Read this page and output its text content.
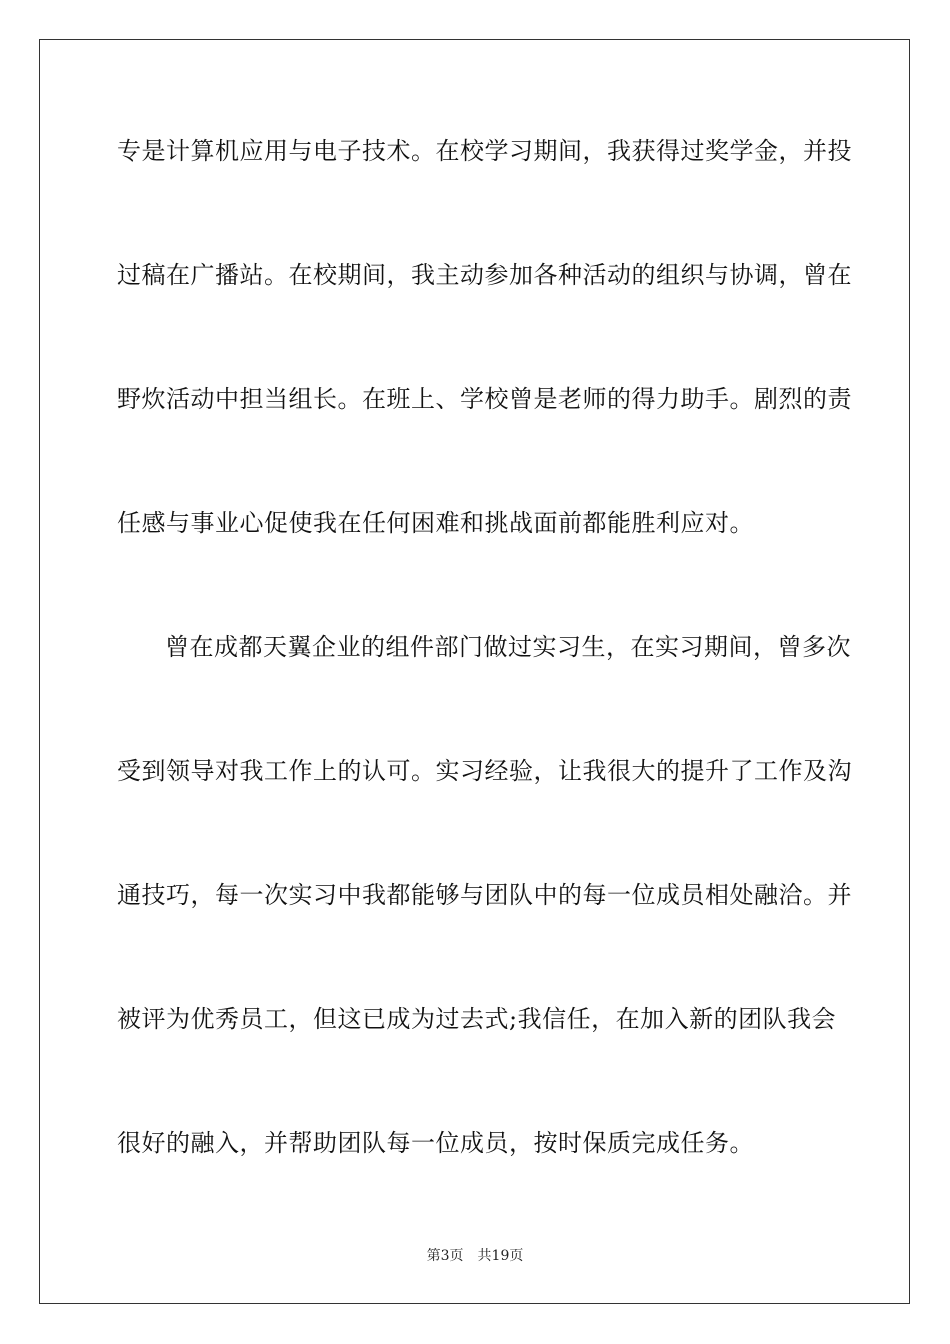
专是计算机应用与电子技术。在校学习期间，我获得过奖学金，并投
过稿在广播站。在校期间，我主动参加各种活动的组织与协调，曾在
野炊活动中担当组长。在班上、学校曾是老师的得力助手。剧烈的责
任感与事业心促使我在任何困难和挑战面前都能胜利应对。
曾在成都天翼企业的组件部门做过实习生，在实习期间，曾多次
受到领导对我工作上的认可。实习经验，让我很大的提升了工作及沟
通技巧，每一次实习中我都能够与团队中的每一位成员相处融洽。并
被评为优秀员工，但这已成为过去式;我信任，在加入新的团队我会
很好的融入，并帮助团队每一位成员，按时保质完成任务。
第3页 共19页
